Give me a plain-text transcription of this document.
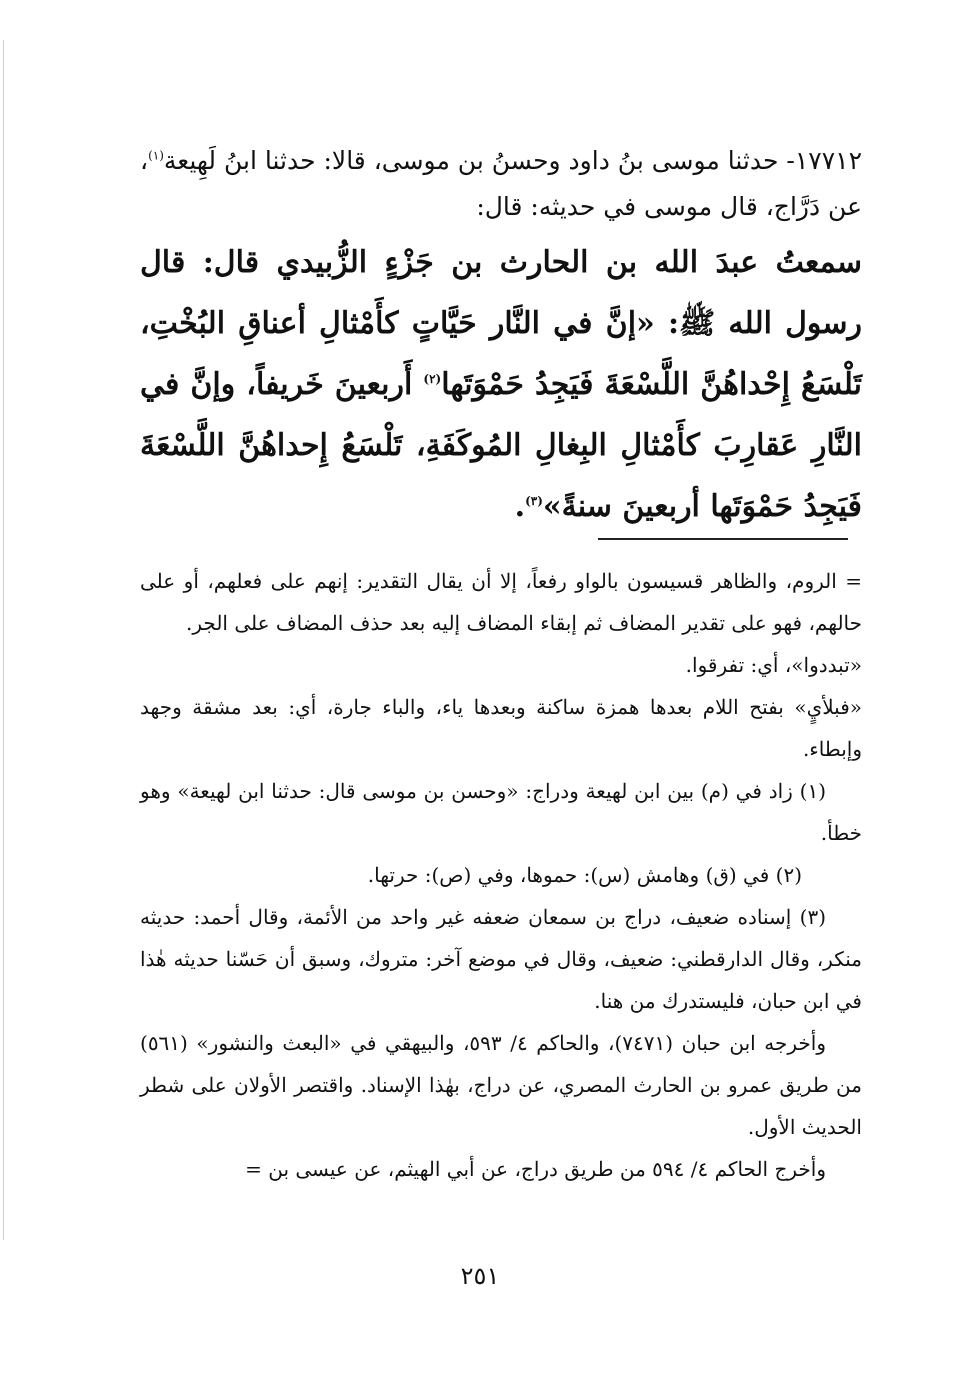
١٧٧١٢- حدثنا موسى بنُ داود وحسنُ بن موسى، قالا: حدثنا ابنُ لَهِيعة$^{(١)}$، عن دَرَّاج، قال موسى في حديثه: قال:
سمعتُ عبدَ الله بن الحارث بن جَزْءٍ الزُّبيدي قال: قال رسول الله ﷺ: «إنَّ في النَّار حَيَّاتٍ كأَمْثالِ أعناقِ البُخْتِ، تَلْسَعُ إِحْداهُنَّ اللَّسْعَةَ فَيَجِدُ حَمْوَتَها$^{(٢)}$ أَربعينَ خَريفاً، وإنَّ في النَّارِ عَقارِبَ كأَمْثالِ البِغالِ المُوكَفَةِ، تَلْسَعُ إِحداهُنَّ اللَّسْعَةَ فَيَجِدُ حَمْوَتَها أربعينَ سنةً»$^{(٣)}$.

= الروم، والظاهر قسيسون بالواو رفعاً، إلا أن يقال التقدير: إنهم على فعلهم، أو على حالهم، فهو على تقدير المضاف ثم إبقاء المضاف إليه بعد حذف المضاف على الجر.

«تبددوا»، أي: تفرقوا.

«فبلأيٍ» بفتح اللام بعدها همزة ساكنة وبعدها ياء، والباء جارة، أي: بعد مشقة وجهد وإبطاء.

(١) زاد في (م) بين ابن لهيعة ودراج: «وحسن بن موسى قال: حدثنا ابن لهيعة» وهو خطأ.

(٢) في (ق) وهامش (س): حموها، وفي (ص): حرتها.

(٣) إسناده ضعيف، دراج بن سمعان ضعفه غير واحد من الأئمة، وقال أحمد: حديثه منكر، وقال الدارقطني: ضعيف، وقال في موضع آخر: متروك، وسبق أن حَسّنا حديثه هٰذا في ابن حبان، فليستدرك من هنا.

وأخرجه ابن حبان (٧٤٧١)، والحاكم ٤/ ٥٩٣، والبيهقي في «البعث والنشور» (٥٦١) من طريق عمرو بن الحارث المصري، عن دراج، بهٰذا الإسناد. واقتصر الأولان على شطر الحديث الأول.

وأخرج الحاكم ٤/ ٥٩٤ من طريق دراج، عن أبي الهيثم، عن عيسى بن =

٢٥١
